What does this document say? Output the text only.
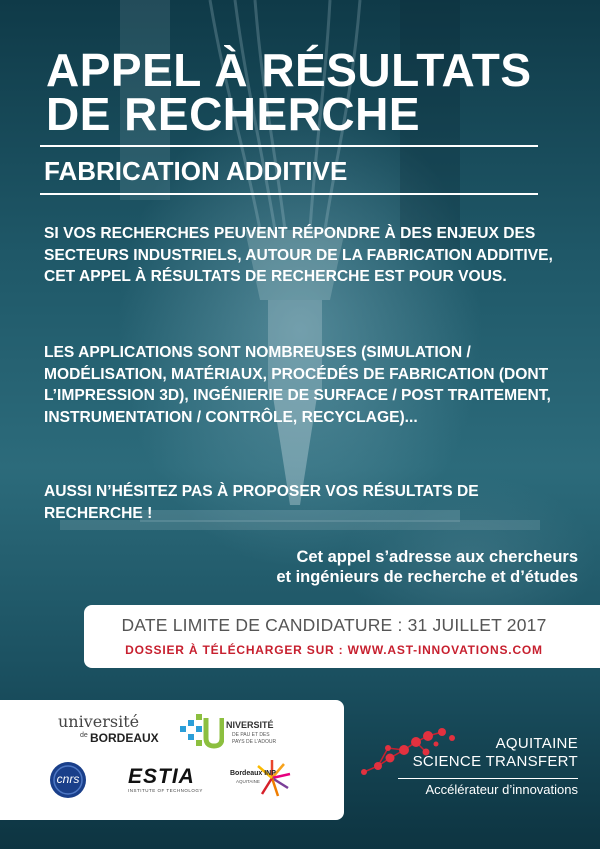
APPEL À RÉSULTATS
DE RECHERCHE
FABRICATION ADDITIVE

SI VOS RECHERCHES PEUVENT RÉPONDRE À DES ENJEUX DES SECTEURS INDUSTRIELS, AUTOUR DE LA FABRICATION ADDITIVE, CET APPEL À RÉSULTATS DE RECHERCHE EST POUR VOUS.

LES APPLICATIONS SONT NOMBREUSES (SIMULATION / MODÉLISATION, MATÉRIAUX, PROCÉDÉS DE FABRICATION (DONT L’IMPRESSION 3D), INGÉNIERIE DE SURFACE / POST TRAITEMENT, INSTRUMENTATION / CONTRÔLE, RECYCLAGE)...

AUSSI N’HÉSITEZ PAS À PROPOSER VOS RÉSULTATS DE RECHERCHE !

Cet appel s’adresse aux chercheurs
et ingénieurs de recherche et d’études

DATE LIMITE DE CANDIDATURE : 31 JUILLET 2017

DOSSIER À TÉLÉCHARGER SUR : WWW.AST-INNOVATIONS.COM

université
de BORDEAUX
NIVERSITÉ
DE PAU ET DES
PAYS DE L'ADOUR
cnrs	ESTIA
INSTITUTE OF TECHNOLOGY
Bordeaux INP
AQUITAINE

AQUITAINE
SCIENCE TRANSFERT

Accélérateur d’innovations
